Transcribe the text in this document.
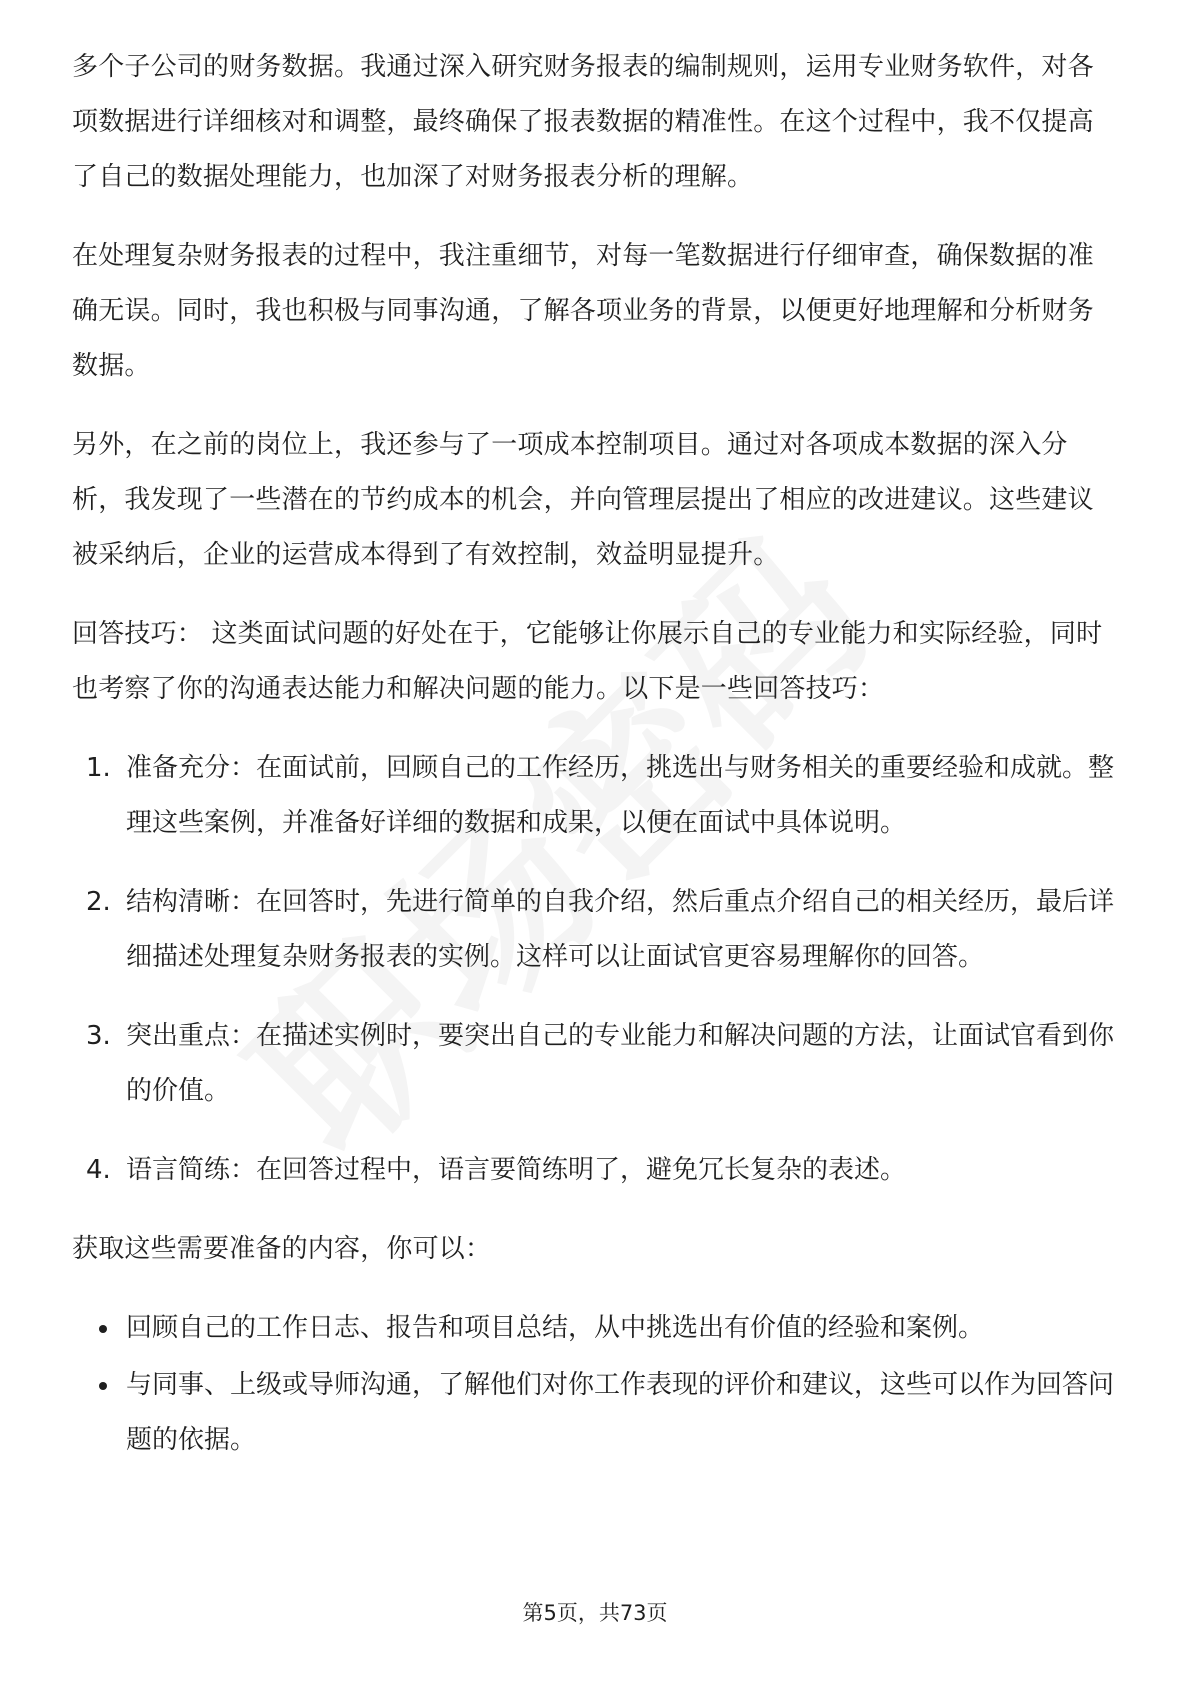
多个子公司的财务数据。我通过深入研究财务报表的编制规则，运用专业财务软件，对各项数据进行详细核对和调整，最终确保了报表数据的精准性。在这个过程中，我不仅提高了自己的数据处理能力，也加深了对财务报表分析的理解。

在处理复杂财务报表的过程中，我注重细节，对每一笔数据进行仔细审查，确保数据的准确无误。同时，我也积极与同事沟通，了解各项业务的背景，以便更好地理解和分析财务数据。

另外，在之前的岗位上，我还参与了一项成本控制项目。通过对各项成本数据的深入分析，我发现了一些潜在的节约成本的机会，并向管理层提出了相应的改进建议。这些建议被采纳后，企业的运营成本得到了有效控制，效益明显提升。

回答技巧： 这类面试问题的好处在于，它能够让你展示自己的专业能力和实际经验，同时也考察了你的沟通表达能力和解决问题的能力。以下是一些回答技巧：

1. 准备充分：在面试前，回顾自己的工作经历，挑选出与财务相关的重要经验和成就。整理这些案例，并准备好详细的数据和成果，以便在面试中具体说明。
2. 结构清晰：在回答时，先进行简单的自我介绍，然后重点介绍自己的相关经历，最后详细描述处理复杂财务报表的实例。这样可以让面试官更容易理解你的回答。
3. 突出重点：在描述实例时，要突出自己的专业能力和解决问题的方法，让面试官看到你的价值。
4. 语言简练：在回答过程中，语言要简练明了，避免冗长复杂的表述。

获取这些需要准备的内容，你可以：

回顾自己的工作日志、报告和项目总结，从中挑选出有价值的经验和案例。
与同事、上级或导师沟通，了解他们对你工作表现的评价和建议，这些可以作为回答问题的依据。
第5页，共73页
